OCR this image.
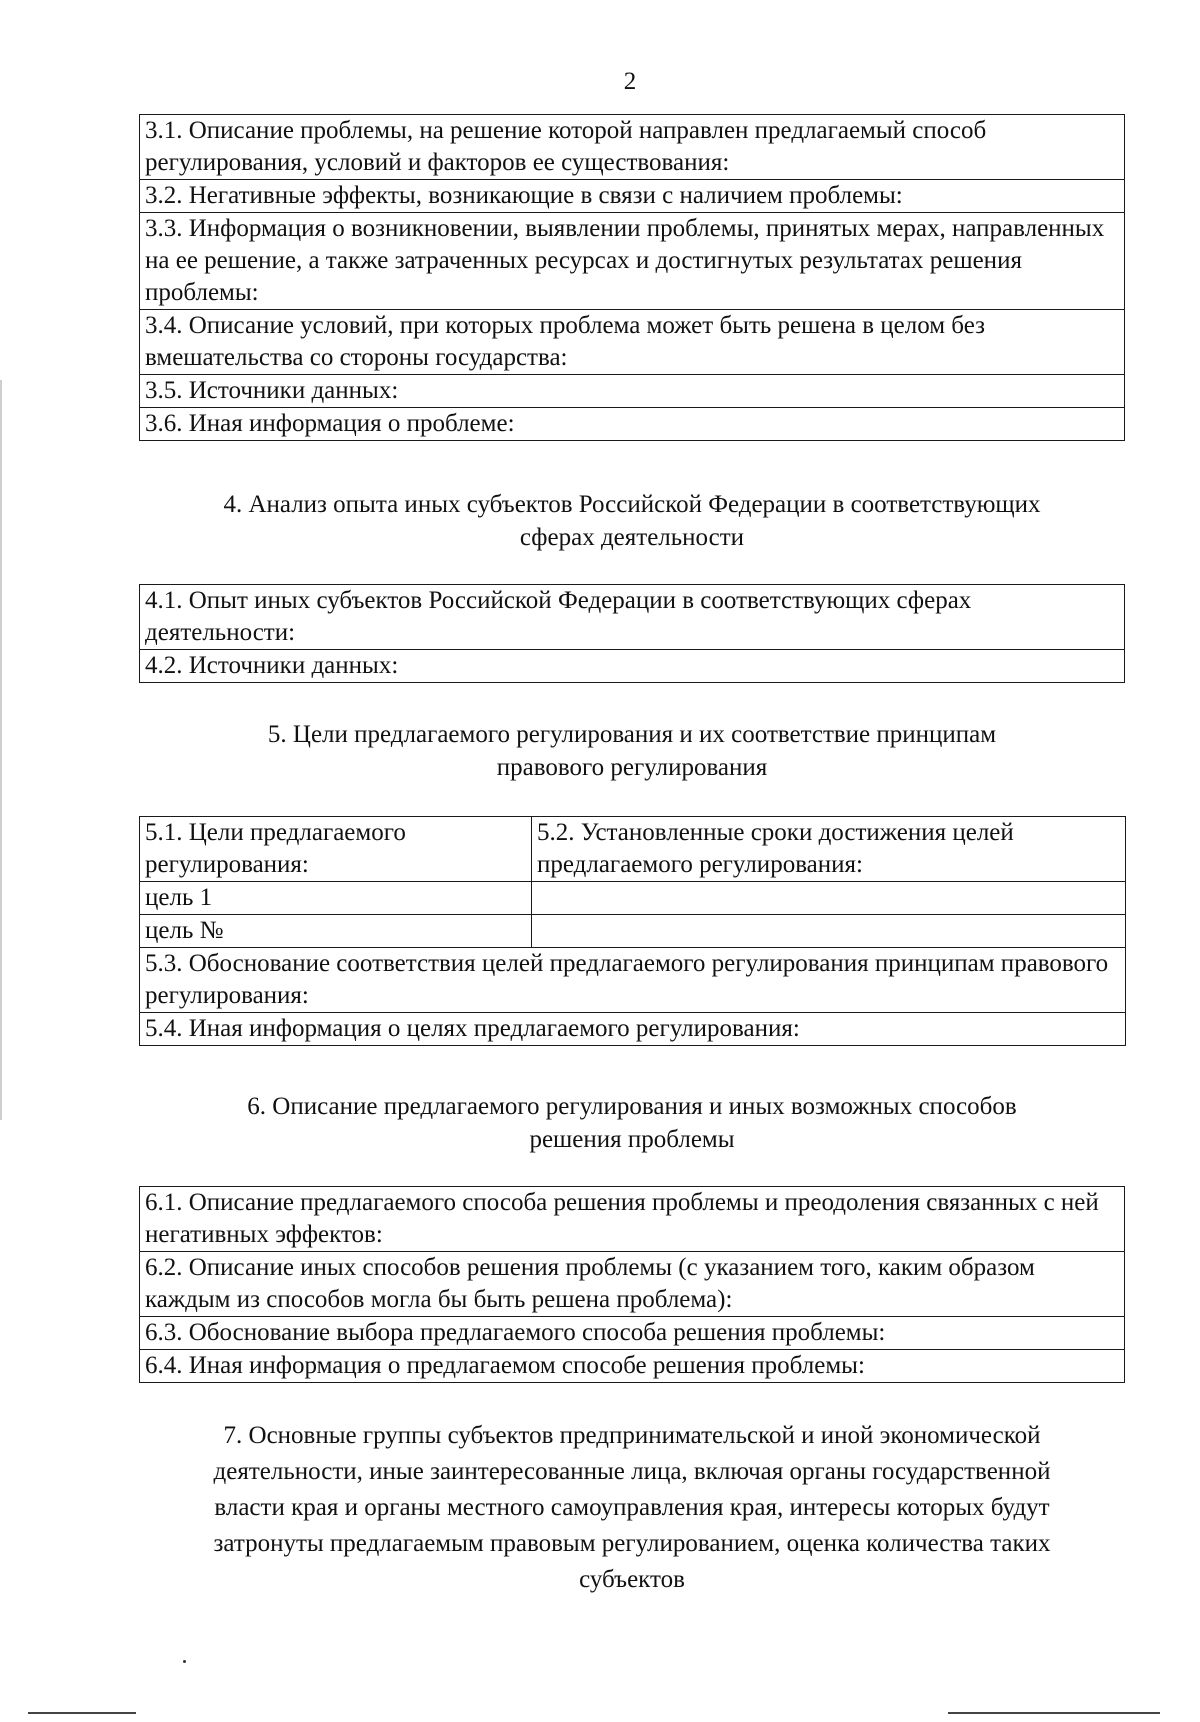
2
3.1. Описание проблемы, на решение которой направлен предлагаемый способ регулирования, условий и факторов ее существования:
3.2. Негативные эффекты, возникающие в связи с наличием проблемы:
3.3. Информация о возникновении, выявлении проблемы, принятых мерах, направленных на ее решение, а также затраченных ресурсах и достигнутых результатах решения проблемы:
3.4. Описание условий, при которых проблема может быть решена в целом без вмешательства со стороны государства:
3.5. Источники данных:
3.6. Иная информация о проблеме:
4. Анализ опыта иных субъектов Российской Федерации в соответствующих
сферах деятельности
4.1. Опыт иных субъектов Российской Федерации в соответствующих сферах деятельности:
4.2. Источники данных:
5. Цели предлагаемого регулирования и их соответствие принципам
правового регулирования
5.1. Цели предлагаемого регулирования:	5.2. Установленные сроки достижения целей предлагаемого регулирования:
цель 1	
цель №	
5.3. Обоснование соответствия целей предлагаемого регулирования принципам правового регулирования:	
5.4. Иная информация о целях предлагаемого регулирования:	
6. Описание предлагаемого регулирования и иных возможных способов
решения проблемы
6.1. Описание предлагаемого способа решения проблемы и преодоления связанных с ней негативных эффектов:
6.2. Описание иных способов решения проблемы (с указанием того, каким образом каждым из способов могла бы быть решена проблема):
6.3. Обоснование выбора предлагаемого способа решения проблемы:
6.4. Иная информация о предлагаемом способе решения проблемы:
7. Основные группы субъектов предпринимательской и иной экономической
деятельности, иные заинтересованные лица, включая органы государственной
власти края и органы местного самоуправления края, интересы которых будут
затронуты предлагаемым правовым регулированием, оценка количества таких
субъектов
